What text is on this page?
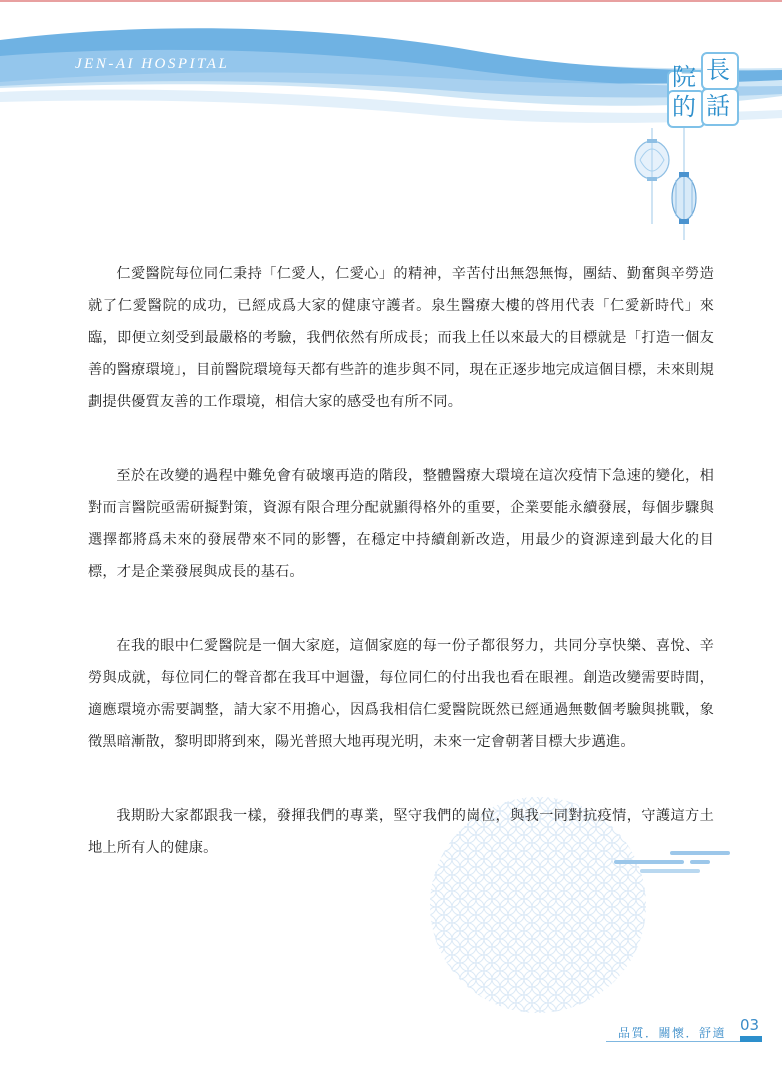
JEN-AI HOSPITAL	院 長
的 話

仁愛醫院每位同仁秉持「仁愛人，仁愛心」的精神，辛苦付出無怨無悔，團結、勤奮與辛勞造就了仁愛醫院的成功，已經成爲大家的健康守護者。泉生醫療大樓的啓用代表「仁愛新時代」來臨，即便立刻受到最嚴格的考驗，我們依然有所成長；而我上任以來最大的目標就是「打造一個友善的醫療環境」，目前醫院環境每天都有些許的進步與不同，現在正逐步地完成這個目標，未來則規劃提供優質友善的工作環境，相信大家的感受也有所不同。

至於在改變的過程中難免會有破壞再造的階段，整體醫療大環境在這次疫情下急速的變化，相對而言醫院亟需研擬對策，資源有限合理分配就顯得格外的重要，企業要能永續發展，每個步驟與選擇都將爲未來的發展帶來不同的影響，在穩定中持續創新改造，用最少的資源達到最大化的目標，才是企業發展與成長的基石。

在我的眼中仁愛醫院是一個大家庭，這個家庭的每一份子都很努力，共同分享快樂、喜悅、辛勞與成就，每位同仁的聲音都在我耳中迴盪，每位同仁的付出我也看在眼裡。創造改變需要時間，適應環境亦需要調整，請大家不用擔心，因爲我相信仁愛醫院既然已經通過無數個考驗與挑戰，象徵黑暗漸散，黎明即將到來，陽光普照大地再現光明，未來一定會朝著目標大步邁進。

我期盼大家都跟我一樣，發揮我們的專業，堅守我們的崗位，與我一同對抗疫情，守護這方土地上所有人的健康。

品質．關懷．舒適 03
